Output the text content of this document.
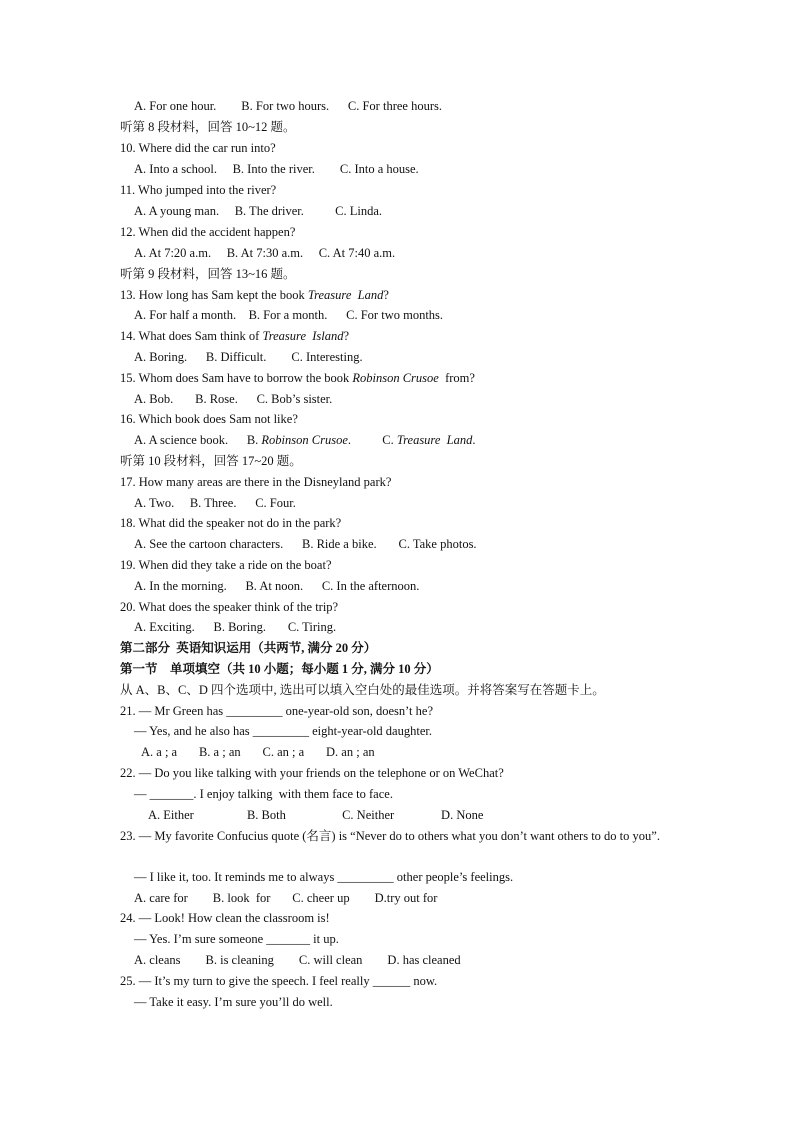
A. For one hour.        B. For two hours.      C. For three hours.
听第 8 段材料，回答 10~12 题。
10. Where did the car run into?
A. Into a school.     B. Into the river.        C. Into a house.
11. Who jumped into the river?
A. A young man.     B. The driver.          C. Linda.
12. When did the accident happen?
A. At 7:20 a.m.     B. At 7:30 a.m.     C. At 7:40 a.m.
听第 9 段材料，回答 13~16 题。
13. How long has Sam kept the book Treasure  Land?
A. For half a month.    B. For a month.      C. For two months.
14. What does Sam think of Treasure  Island?
A. Boring.      B. Difficult.        C. Interesting.
15. Whom does Sam have to borrow the book Robinson Crusoe  from?
A. Bob.       B. Rose.      C. Bob’s sister.
16. Which book does Sam not like?
A. A science book.      B. Robinson Crusoe.          C. Treasure  Land.
听第 10 段材料，回答 17~20 题。
17. How many areas are there in the Disneyland park?
A. Two.     B. Three.      C. Four.
18. What did the speaker not do in the park?
A. See the cartoon characters.      B. Ride a bike.       C. Take photos.
19. When did they take a ride on the boat?
A. In the morning.      B. At noon.      C. In the afternoon.
20. What does the speaker think of the trip?
A. Exciting.      B. Boring.       C. Tiring.
第二部分  英语知识运用（共两节, 满分 20 分）
第一节    单项填空（共 10 小题；每小题 1 分, 满分 10 分）
从 A、B、C、D 四个选项中, 选出可以填入空白处的最佳选项。并将答案写在答题卡上。
21. — Mr Green has _________ one-year-old son, doesn’t he?
— Yes, and he also has _________ eight-year-old daughter.
A. a ; a       B. a ; an       C. an ; a       D. an ; an
22. — Do you like talking with your friends on the telephone or on WeChat?
— _______. I enjoy talking  with them face to face.
A. Either                 B. Both                  C. Neither               D. None
23. — My favorite Confucius quote (名言) is “Never do to others what you don’t want others to do to you”.
— I like it, too. It reminds me to always _________ other people’s feelings.
A. care for        B. look  for       C. cheer up        D.try out for
24. — Look! How clean the classroom is!
— Yes. I’m sure someone _______ it up.
A. cleans        B. is cleaning        C. will clean        D. has cleaned
25. — It’s my turn to give the speech. I feel really ______ now.
— Take it easy. I’m sure you’ll do well.
